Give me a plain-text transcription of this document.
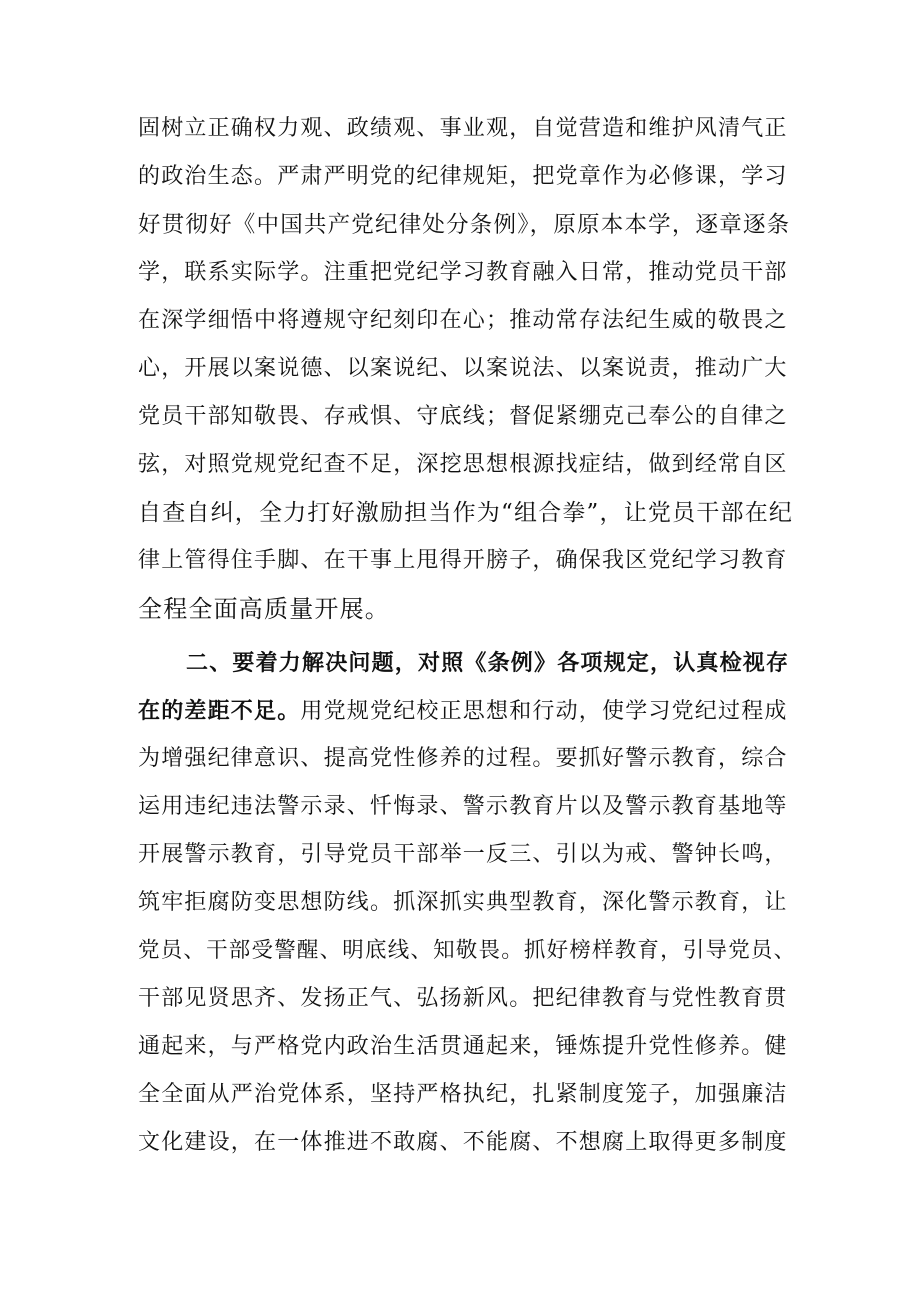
固树立正确权力观、政绩观、事业观，自觉营造和维护风清气正
的政治生态。严肃严明党的纪律规矩，把党章作为必修课，学习
好贯彻好《中国共产党纪律处分条例》，原原本本学，逐章逐条
学，联系实际学。注重把党纪学习教育融入日常，推动党员干部
在深学细悟中将遵规守纪刻印在心；推动常存法纪生威的敬畏之
心，开展以案说德、以案说纪、以案说法、以案说责，推动广大
党员干部知敬畏、存戒惧、守底线；督促紧绷克己奉公的自律之
弦，对照党规党纪查不足，深挖思想根源找症结，做到经常自区
自查自纠，全力打好激励担当作为“组合拳”，让党员干部在纪
律上管得住手脚、在干事上甩得开膀子，确保我区党纪学习教育
全程全面高质量开展。
二、要着力解决问题，对照《条例》各项规定，认真检视存
在的差距不足。用党规党纪校正思想和行动，使学习党纪过程成
为增强纪律意识、提高党性修养的过程。要抓好警示教育，综合
运用违纪违法警示录、忏悔录、警示教育片以及警示教育基地等
开展警示教育，引导党员干部举一反三、引以为戒、警钟长鸣，
筑牢拒腐防变思想防线。抓深抓实典型教育，深化警示教育，让
党员、干部受警醒、明底线、知敬畏。抓好榜样教育，引导党员、
干部见贤思齐、发扬正气、弘扬新风。把纪律教育与党性教育贯
通起来，与严格党内政治生活贯通起来，锤炼提升党性修养。健
全全面从严治党体系，坚持严格执纪，扎紧制度笼子，加强廉洁
文化建设，在一体推进不敢腐、不能腐、不想腐上取得更多制度
